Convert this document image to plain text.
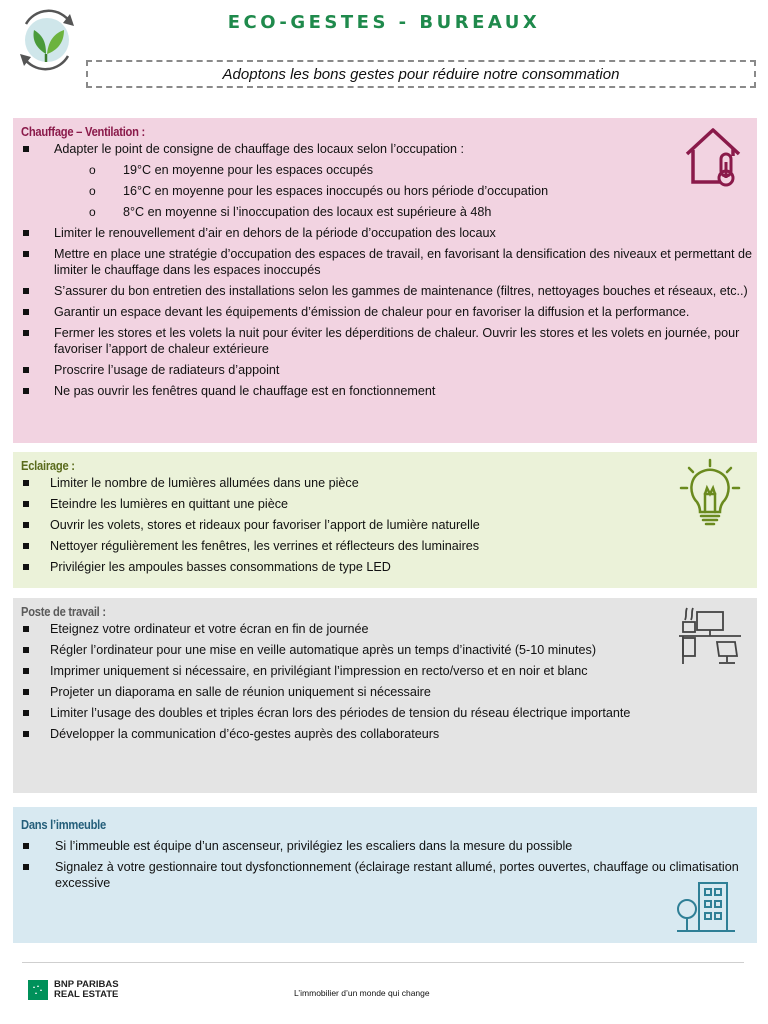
ECO-GESTES - BUREAUX
Adoptons les bons gestes pour réduire notre consommation
Chauffage – Ventilation :
Adapter le point de consigne de chauffage des locaux selon l’occupation :
o 19°C en moyenne pour les espaces occupés
o 16°C en moyenne pour les espaces inoccupés ou hors période d’occupation
o 8°C en moyenne si l’inoccupation des locaux est supérieure à 48h
Limiter le renouvellement d’air en dehors de la période d’occupation des locaux
Mettre en place une stratégie d’occupation des espaces de travail, en favorisant la densification des niveaux et permettant de limiter le chauffage dans les espaces inoccupés
S’assurer du bon entretien des installations selon les gammes de maintenance (filtres, nettoyages bouches et réseaux, etc..)
Garantir un espace devant les équipements d’émission de chaleur pour en favoriser la diffusion et la performance.
Fermer les stores et les volets la nuit pour éviter les déperditions de chaleur. Ouvrir les stores et les volets en journée, pour favoriser l’apport de chaleur extérieure
Proscrire l’usage de radiateurs d’appoint
Ne pas ouvrir les fenêtres quand le chauffage est en fonctionnement
Eclairage :
Limiter le nombre de lumières allumées dans une pièce
Eteindre les lumières en quittant une pièce
Ouvrir les volets, stores et rideaux pour favoriser l’apport de lumière naturelle
Nettoyer régulièrement les fenêtres, les verrines et réflecteurs des luminaires
Privilégier les ampoules basses consommations de type LED
Poste de travail :
Eteignez votre ordinateur et votre écran en fin de journée
Régler l’ordinateur pour une mise en veille automatique après un temps d’inactivité (5-10 minutes)
Imprimer uniquement si nécessaire, en privilégiant l’impression en recto/verso et en noir et blanc
Projeter un diaporama en salle de réunion uniquement si nécessaire
Limiter l’usage des doubles et triples écran lors des périodes de tension du réseau électrique importante
Développer la communication d’éco-gestes auprès des collaborateurs
Dans l’immeuble
Si l’immeuble est équipe d’un ascenseur, privilégiez les escaliers dans la mesure du possible
Signalez à votre gestionnaire tout dysfonctionnement (éclairage restant allumé, portes ouvertes, chauffage ou climatisation excessive
BNP PARIBAS
REAL ESTATE	L’immobilier d’un monde qui change
